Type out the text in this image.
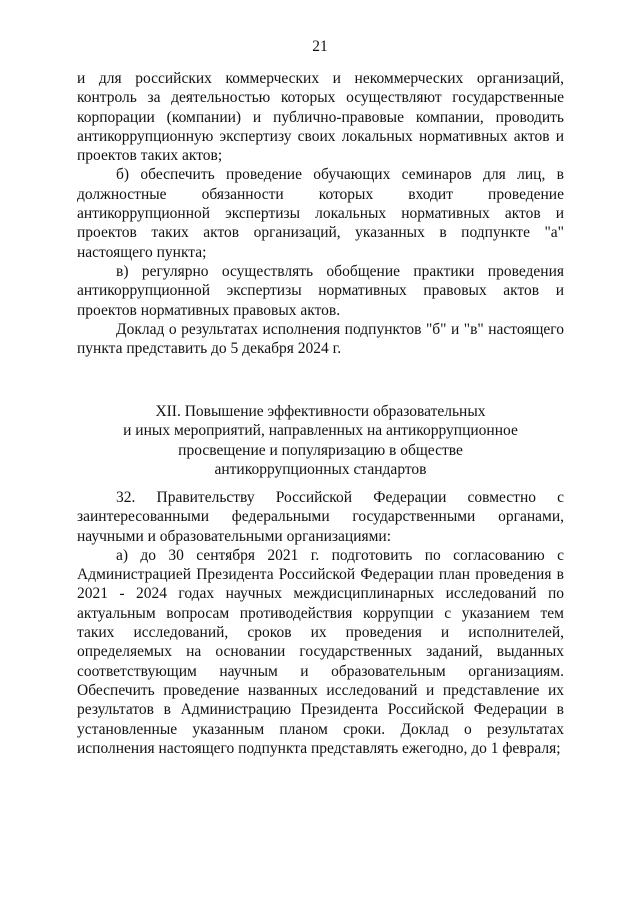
21

и для российских коммерческих и некоммерческих организаций, контроль за деятельностью которых осуществляют государственные корпорации (компании) и публично-правовые компании, проводить антикоррупционную экспертизу своих локальных нормативных актов и проектов таких актов;

б) обеспечить проведение обучающих семинаров для лиц, в должностные обязанности которых входит проведение антикоррупционной экспертизы локальных нормативных актов и проектов таких актов организаций, указанных в подпункте "а" настоящего пункта;

в) регулярно осуществлять обобщение практики проведения антикоррупционной экспертизы нормативных правовых актов и проектов нормативных правовых актов.

Доклад о результатах исполнения подпунктов "б" и "в" настоящего пункта представить до 5 декабря 2024 г.

XII. Повышение эффективности образовательных
и иных мероприятий, направленных на антикоррупционное
просвещение и популяризацию в обществе
антикоррупционных стандартов

32. Правительству Российской Федерации совместно с заинтересованными федеральными государственными органами, научными и образовательными организациями:

а) до 30 сентября 2021 г. подготовить по согласованию с Администрацией Президента Российской Федерации план проведения в 2021 - 2024 годах научных междисциплинарных исследований по актуальным вопросам противодействия коррупции с указанием тем таких исследований, сроков их проведения и исполнителей, определяемых на основании государственных заданий, выданных соответствующим научным и образовательным организациям. Обеспечить проведение названных исследований и представление их результатов в Администрацию Президента Российской Федерации в установленные указанным планом сроки. Доклад о результатах исполнения настоящего подпункта представлять ежегодно, до 1 февраля;
